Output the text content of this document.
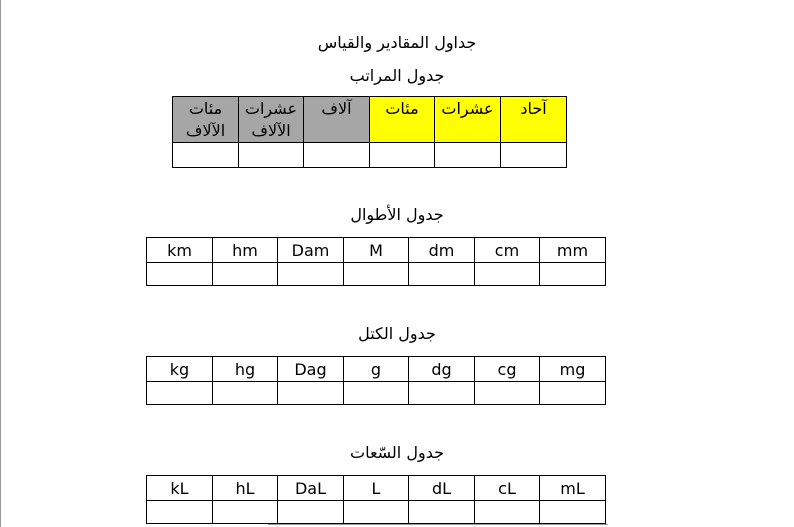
جداول المقادير والقياس
جدول المراتب
مئات الآلاف	عشرات الآلاف	آلاف	مئات	عشرات	آحاد

جدول الأطوال
km	hm	Dam	M	dm	cm	mm

جدول الكتل
kg	hg	Dag	g	dg	cg	mg

جدول السّعات
kL	hL	DaL	L	dL	cL	mL
